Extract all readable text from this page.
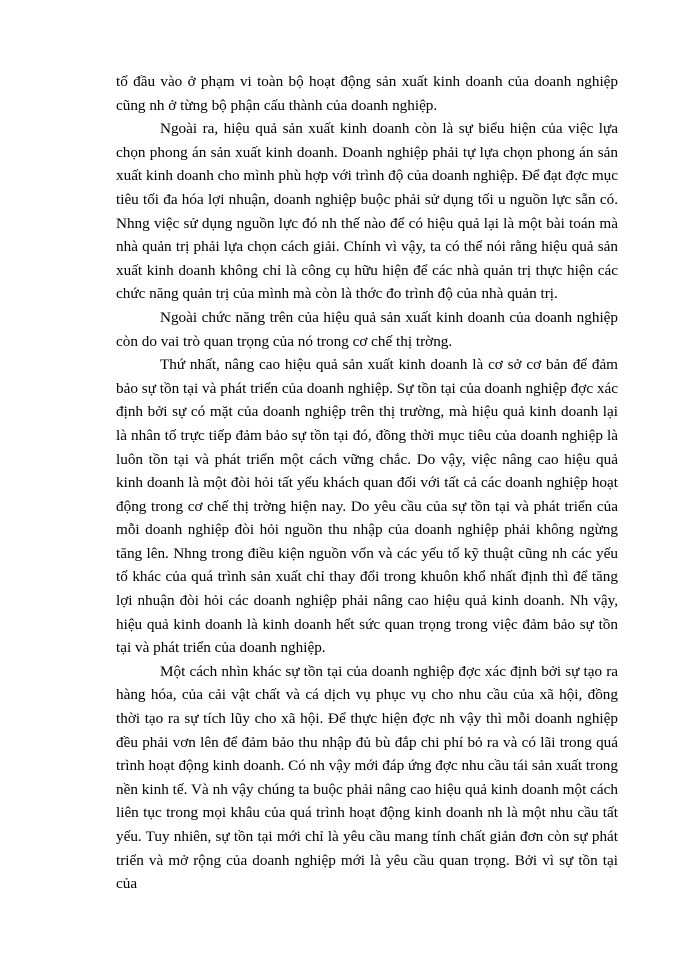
tố đầu vào ở phạm vi toàn bộ hoạt động sản xuất kinh doanh của doanh nghiệp cũng nh ở từng bộ phận cấu thành của doanh nghiệp.

Ngoài ra, hiệu quả sản xuất kinh doanh còn là sự biểu hiện của việc lựa chọn phong án sản xuất kinh doanh. Doanh nghiệp phải tự lựa chọn phong án sản xuất kinh doanh cho mình phù hợp với trình độ của doanh nghiệp. Để đạt đợc mục tiêu tối đa hóa lợi nhuận, doanh nghiệp buộc phải sử dụng tối u nguồn lực sẵn có. Nhng việc sử dụng nguồn lực đó nh thế nào để có hiệu quả lại là một bài toán mà nhà quản trị phải lựa chọn cách giải. Chính vì vậy, ta có thể nói rằng hiệu quả sản xuất kinh doanh không chỉ là công cụ hữu hiện để các nhà quản trị thực hiện các chức năng quản trị của mình mà còn là thớc đo trình độ của nhà quản trị.

Ngoài chức năng trên của hiệu quả sản xuất kinh doanh của doanh nghiệp còn do vai trò quan trọng của nó trong cơ chế thị trờng.

Thứ nhất, nâng cao hiệu quả sản xuất kinh doanh là cơ sở cơ bản để đảm bảo sự tồn tại và phát triển của doanh nghiệp. Sự tồn tại của doanh nghiệp đợc xác định bởi sự có mặt của doanh nghiệp trên thị trường, mà hiệu quả kinh doanh lại là nhân tố trực tiếp đảm bảo sự tồn tại đó, đồng thời mục tiêu của doanh nghiệp là luôn tồn tại và phát triển một cách vững chắc. Do vậy, việc nâng cao hiệu quả kinh doanh là một đòi hỏi tất yếu khách quan đối với tất cả các doanh nghiệp hoạt động trong cơ chế thị trờng hiện nay. Do yêu cầu của sự tồn tại và phát triển của mỗi doanh nghiệp đòi hỏi nguồn thu nhập của doanh nghiệp phải không ngừng tăng lên. Nhng trong điều kiện nguồn vốn và các yếu tố kỹ thuật cũng nh các yếu tố khác của quá trình sản xuất chỉ thay đổi trong khuôn khổ nhất định thì để tăng lợi nhuận đòi hỏi các doanh nghiệp phải nâng cao hiệu quả kinh doanh. Nh vậy, hiệu quả kinh doanh là kinh doanh hết sức quan trọng trong việc đảm bảo sự tồn tại và phát triển của doanh nghiệp.

Một cách nhìn khác sự tồn tại của doanh nghiệp đợc xác định bởi sự tạo ra hàng hóa, của cải vật chất và cá dịch vụ phục vụ cho nhu cầu của xã hội, đồng thời tạo ra sự tích lũy cho xã hội. Để thực hiện đợc nh vậy thì mỗi doanh nghiệp đều phải vơn lên để đảm bảo thu nhập đủ bù đắp chi phí bỏ ra và có lãi trong quá trình hoạt động kinh doanh. Có nh vậy mới đáp ứng đợc nhu cầu tái sản xuất trong nền kinh tế. Và nh vậy chúng ta buộc phải nâng cao hiệu quả kinh doanh một cách liên tục trong mọi khâu của quá trình hoạt động kinh doanh nh là một nhu cầu tất yếu. Tuy nhiên, sự tồn tại mới chỉ là yêu cầu mang tính chất giản đơn còn sự phát triển và mở rộng của doanh nghiệp mới là yêu cầu quan trọng. Bởi vì sự tồn tại của
